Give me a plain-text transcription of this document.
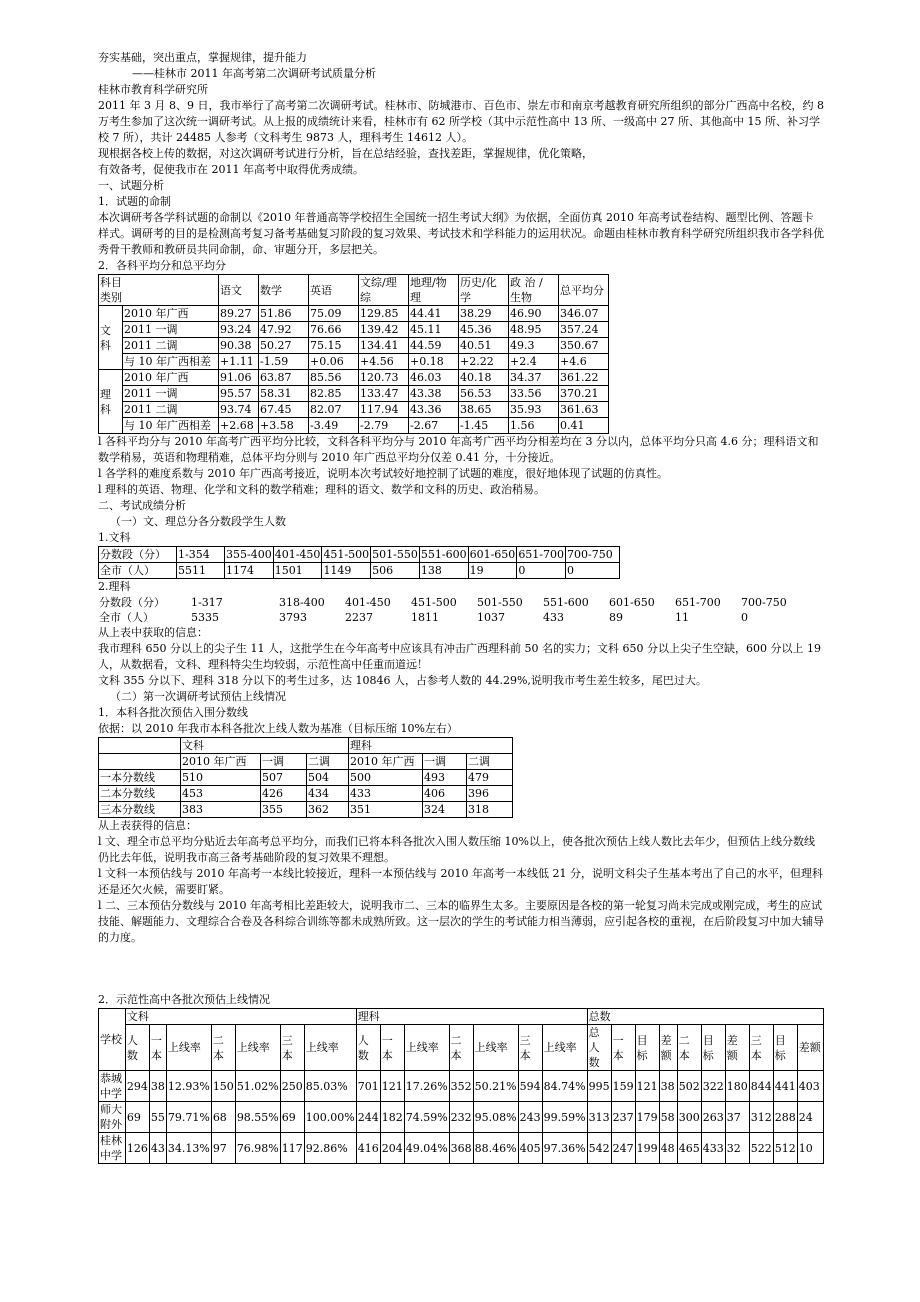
夯实基础，突出重点，掌握规律，提升能力

——桂林市 2011 年高考第二次调研考试质量分析

桂林市教育科学研究所

2011 年 3 月 8、9 日，我市举行了高考第二次调研考试。桂林市、防城港市、百色市、崇左市和南京考越教育研究所组织的部分广西高中名校，约 8 万考生参加了这次统一调研考试。从上报的成绩统计来看，桂林市有 62 所学校（其中示范性高中 13 所、一级高中 27 所、其他高中 15 所、补习学校 7 所），共计 24485 人参考（文科考生 9873 人，理科考生 14612 人）。

现根据各校上传的数据，对这次调研考试进行分析，旨在总结经验，查找差距，掌握规律，优化策略，

有效备考，促使我市在 2011 年高考中取得优秀成绩。

一、试题分析

1．试题的命制

本次调研考各学科试题的命制以《2010 年普通高等学校招生全国统一招生考试大纲》为依据，全面仿真 2010 年高考试卷结构、题型比例、答题卡样式。调研考的目的是检测高考复习备考基础复习阶段的复习效果、考试技术和学科能力的运用状况。命题由桂林市教育科学研究所组织我市各学科优秀骨干教师和教研员共同命制，命、审题分开，多层把关。

2．各科平均分和总平均分

科目
类别		语文	数学	英语	文综/理综	地理/物理	历史/化学	政 治 / 生物	总平均分
文科	2010 年广西	89.27	51.86	75.09	129.85	44.41	38.29	46.90	346.07
	2011 一调	93.24	47.92	76.66	139.42	45.11	45.36	48.95	357.24
	2011 二调	90.38	50.27	75.15	134.41	44.59	40.51	49.3	350.67
	与 10 年广西相差	+1.11	-1.59	+0.06	+4.56	+0.18	+2.22	+2.4	+4.6
理科	2010 年广西	91.06	63.87	85.56	120.73	46.03	40.18	34.37	361.22
	2011 一调	95.57	58.31	82.85	133.47	43.38	56.53	33.56	370.21
	2011 二调	93.74	67.45	82.07	117.94	43.36	38.65	35.93	361.63
	与 10 年广西相差	+2.68	+3.58	-3.49	-2.79	-2.67	-1.45	1.56	0.41

l 各科平均分与 2010 年高考广西平均分比较，文科各科平均分与 2010 年高考广西平均分相差均在 3 分以内，总体平均分只高 4.6 分；理科语文和数学稍易，英语和物理稍难，总体平均分则与 2010 年广西总平均分仅差 0.41 分，十分接近。

l 各学科的难度系数与 2010 年广西高考接近，说明本次考试较好地控制了试题的难度，很好地体现了试题的仿真性。

l 理科的英语、物理、化学和文科的数学稍难；理科的语文、数学和文科的历史、政治稍易。

二、考试成绩分析

（一）文、理总分各分数段学生人数

1.文科

分数段（分）	1-354	355-400	401-450	451-500	501-550	551-600	601-650	651-700	700-750
全市（人）	5511	1174	1501	1149	506	138	19	0	0

2.理科

分数段（分）	1-317	318-400	401-450	451-500	501-550	551-600	601-650	651-700	700-750
全市（人）	5335	3793	2237	1811	1037	433	89	11	0

从上表中获取的信息：

我市理科 650 分以上的尖子生 11 人，这批学生在今年高考中应该具有冲击广西理科前 50 名的实力；文科 650 分以上尖子生空缺，600 分以上 19 人，从数据看，文科、理科特尖生均较弱，示范性高中任重而道远！

文科 355 分以下、理科 318 分以下的考生过多，达 10846 人，占参考人数的 44.29%,说明我市考生差生较多，尾巴过大。

（二）第一次调研考试预估上线情况

1．本科各批次预估入围分数线

依据：以 2010 年我市本科各批次上线人数为基准（目标压缩 10%左右）

	文科			理科		
	2010 年广西	一调	二调	2010 年广西	一调	二调
一本分数线	510	507	504	500	493	479
二本分数线	453	426	434	433	406	396
三本分数线	383	355	362	351	324	318

从上表获得的信息：

l 文、理全市总平均分贴近去年高考总平均分，而我们已将本科各批次入围人数压缩 10%以上，使各批次预估上线人数比去年少，但预估上线分数线仍比去年低，说明我市高三备考基础阶段的复习效果不理想。

l 文科一本预估线与 2010 年高考一本线比较接近，理科一本预估线与 2010 年高考一本线低 21 分，说明文科尖子生基本考出了自己的水平，但理科还是还欠火候，需要盯紧。

l 二、三本预估分数线与 2010 年高考相比差距较大，说明我市二、三本的临界生太多。主要原因是各校的第一轮复习尚未完成或刚完成，考生的应试技能、解题能力、文理综合合卷及各科综合训练等都未成熟所致。这一层次的学生的考试能力相当薄弱，应引起各校的重视，在后阶段复习中加大辅导的力度。

2．示范性高中各批次预估上线情况

学校	文科							理科							总数									
	人数	一本	上线率	二本	上线率	三本	上线率	人数	一本	上线率	二本	上线率	三本	上线率	总人数	一本	目标	差额	二本	目标	差额	三本	目标	差额
恭城中学	294	38	12.93%	150	51.02%	250	85.03%	701	121	17.26%	352	50.21%	594	84.74%	995	159	121	38	502	322	180	844	441	403
师大附外	69	55	79.71%	68	98.55%	69	100.00%	244	182	74.59%	232	95.08%	243	99.59%	313	237	179	58	300	263	37	312	288	24
桂林中学	126	43	34.13%	97	76.98%	117	92.86%	416	204	49.04%	368	88.46%	405	97.36%	542	247	199	48	465	433	32	522	512	10
